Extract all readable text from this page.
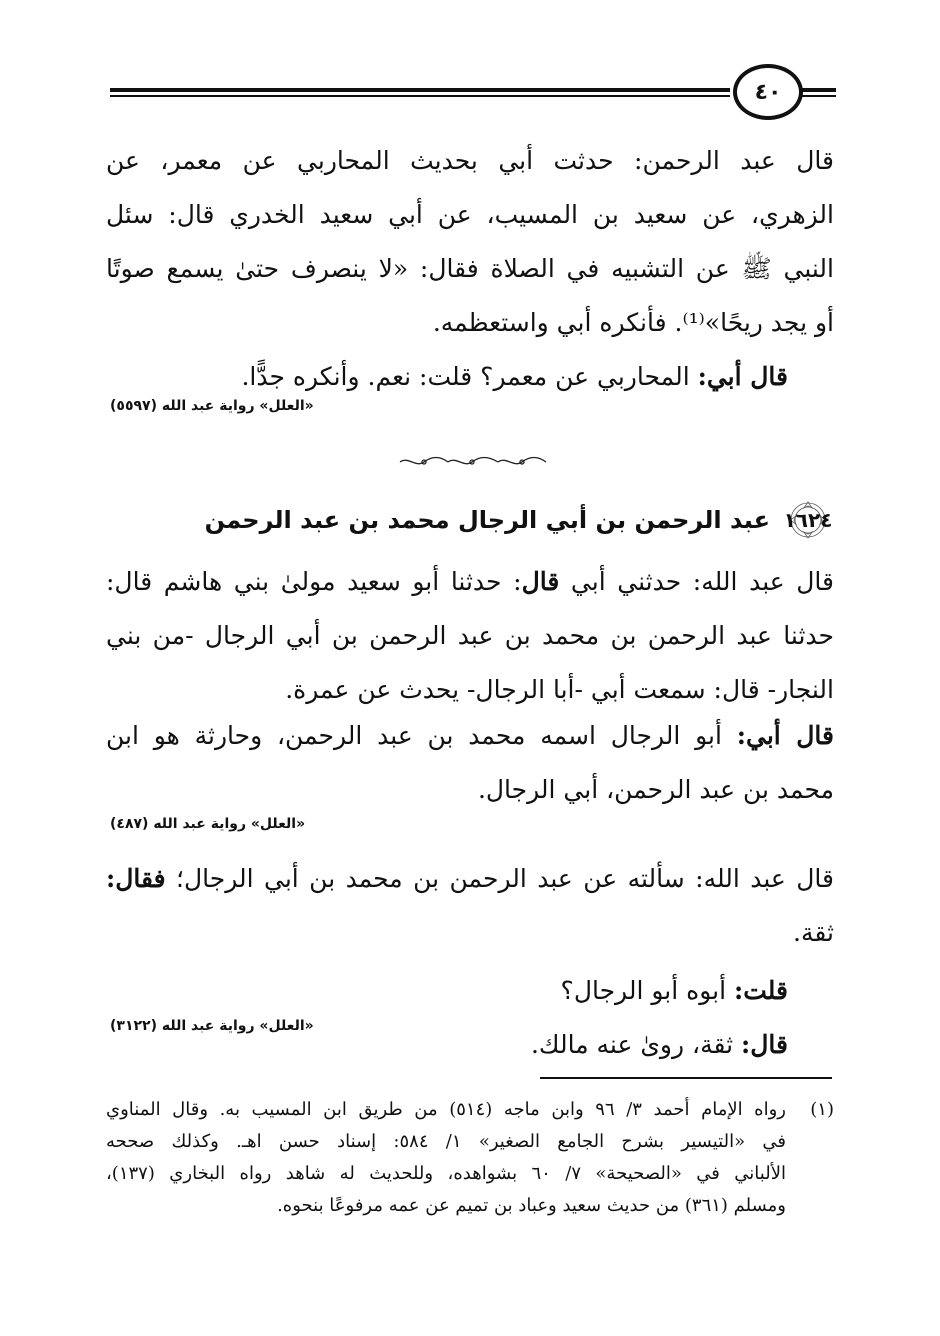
٤٠
قال عبد الرحمن: حدثت أبي بحديث المحاربي عن معمر، عن
الزهري، عن سعيد بن المسيب، عن أبي سعيد الخدري قال: سئل
النبي ﷺ عن التشبيه في الصلاة فقال: «لا ينصرف حتىٰ يسمع صوتًا
أو يجد ريحًا»⁽¹⁾. فأنكره أبي واستعظمه.
قال أبي: المحاربي عن معمر؟ قلت: نعم. وأنكره جدًّا.
«العلل» رواية عبد الله (٥٥٩٧)
١٦٢٤
عبد الرحمن بن أبي الرجال محمد بن عبد الرحمن
قال عبد الله: حدثني أبي قال: حدثنا أبو سعيد مولىٰ بني هاشم قال:
حدثنا عبد الرحمن بن محمد بن عبد الرحمن بن أبي الرجال -من بني
النجار- قال: سمعت أبي -أبا الرجال- يحدث عن عمرة.
قال أبي: أبو الرجال اسمه محمد بن عبد الرحمن، وحارثة هو ابن
محمد بن عبد الرحمن، أبي الرجال.
«العلل» رواية عبد الله (٤٨٧)
قال عبد الله: سألته عن عبد الرحمن بن محمد بن أبي الرجال؛ فقال:
ثقة.
قلت: أبوه أبو الرجال؟
قال: ثقة، روىٰ عنه مالك.
«العلل» رواية عبد الله (٣١٢٢)
(١)
رواه الإمام أحمد ٣/ ٩٦ وابن ماجه (٥١٤) من طريق ابن المسيب به. وقال المناوي
في «التيسير بشرح الجامع الصغير» ١/ ٥٨٤: إسناد حسن اهـ. وكذلك صححه
الألباني في «الصحيحة» ٧/ ٦٠ بشواهده، وللحديث له شاهد رواه البخاري (١٣٧)،
ومسلم (٣٦١) من حديث سعيد وعباد بن تميم عن عمه مرفوعًا بنحوه.
